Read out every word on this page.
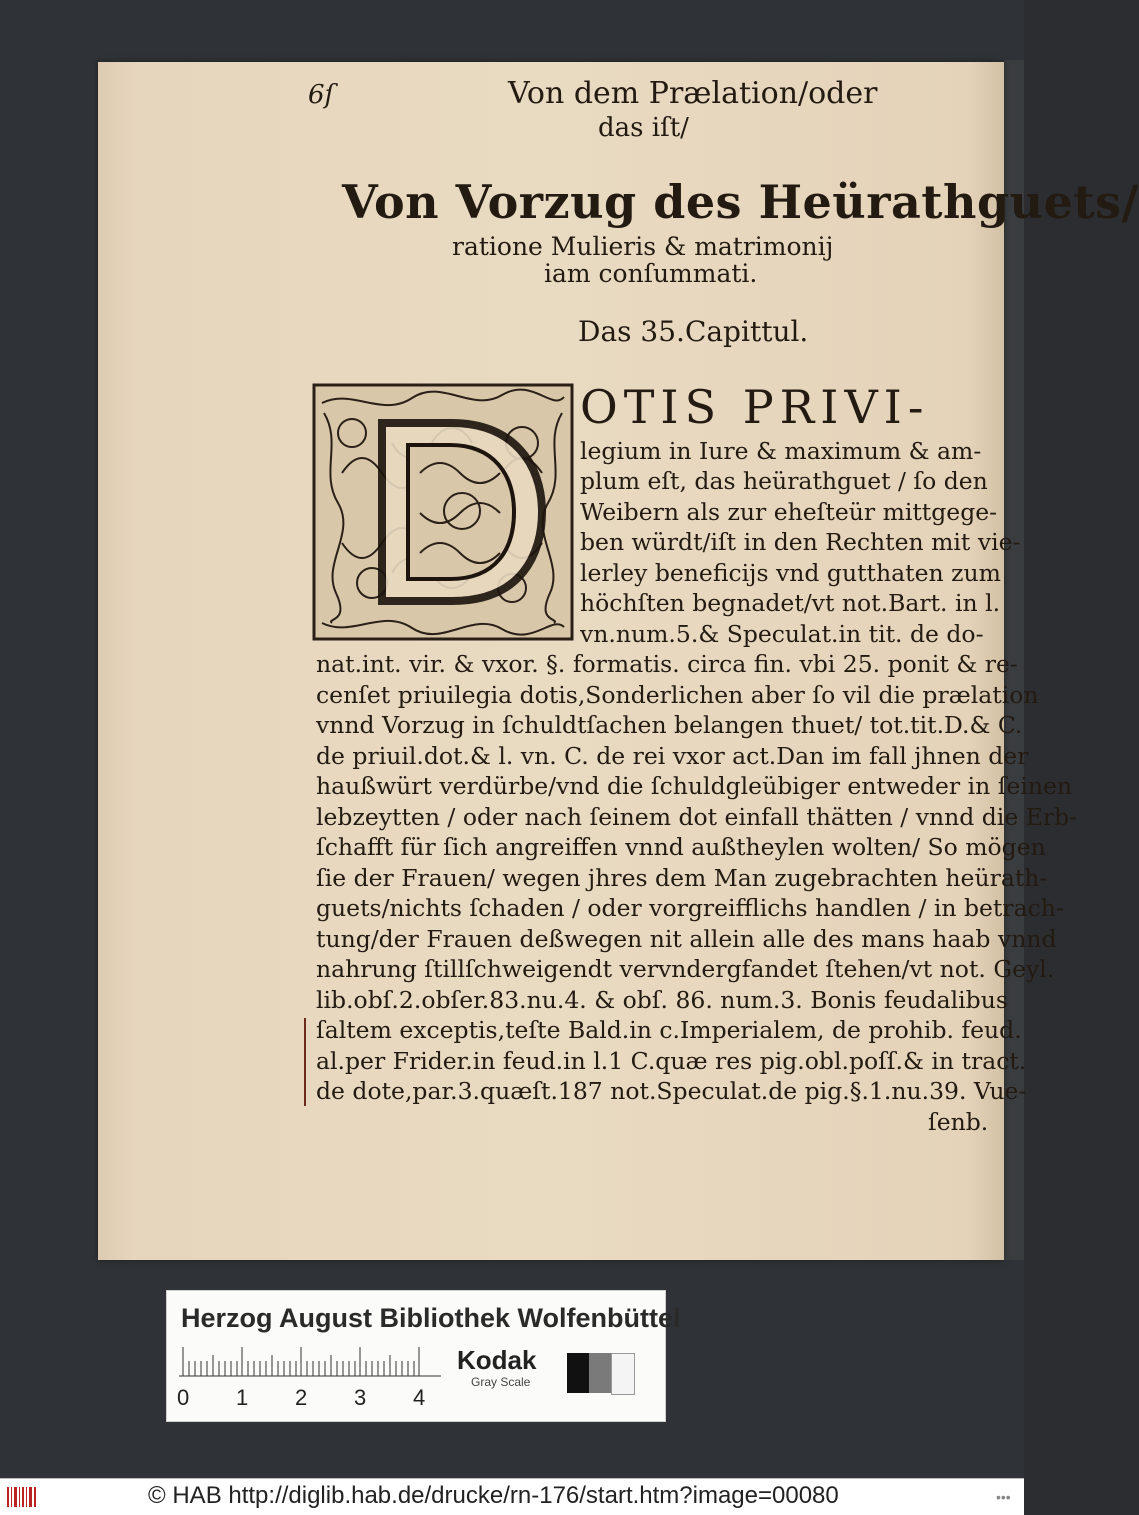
6ſ	Von dem Prælation/oder
das iſt/
Von Vorzug des Heürathguets/
ratione Mulieris & matrimonij
iam conſummati.
Das 35.Capittul.
OTIS PRIVI-
legium in Iure & maximum & am-
plum eſt, das heürathguet / ſo den
Weibern als zur eheſteür mittgege-
ben würdt/iſt in den Rechten mit vie-
lerley beneficijs vnd gutthaten zum
höchſten begnadet/vt not.Bart. in l.
vn.num.5.& Speculat.in tit. de do-
nat.int. vir. & vxor. §. formatis. circa fin. vbi 25. ponit & re-
cenſet priuilegia dotis,Sonderlichen aber ſo vil die prælation
vnnd Vorzug in ſchuldtſachen belangen thuet/ tot.tit.D.& C.
de priuil.dot.& l. vn. C. de rei vxor act.Dan im fall jhnen der
haußwürt verdürbe/vnd die ſchuldgleübiger entweder in ſeinen
lebzeytten / oder nach ſeinem dot einfall thätten / vnnd die Erb-
ſchafft für ſich angreiffen vnnd außtheylen wolten/ So mögen
ſie der Frauen/ wegen jhres dem Man zugebrachten heürath-
guets/nichts ſchaden / oder vorgreifflichs handlen / in betrach-
tung/der Frauen deßwegen nit allein alle des mans haab vnnd
nahrung ſtillſchweigendt vervndergfandet ſtehen/vt not. Geyl.
lib.obſ.2.obſer.83.nu.4. & obſ. 86. num.3. Bonis feudalibus
ſaltem exceptis,teſte Bald.in c.Imperialem, de prohib. feud.
al.per Frider.in feud.in l.1 C.quæ res pig.obl.poſſ.& in tract.
de dote,par.3.quæſt.187 not.Speculat.de pig.§.1.nu.39. Vue-
ſenb.
Herzog August Bibliothek Wolfenbüttel
0 1 2 3 4
Kodak
Gray Scale
© HAB http://diglib.hab.de/drucke/rn-176/start.htm?image=00080	•••
